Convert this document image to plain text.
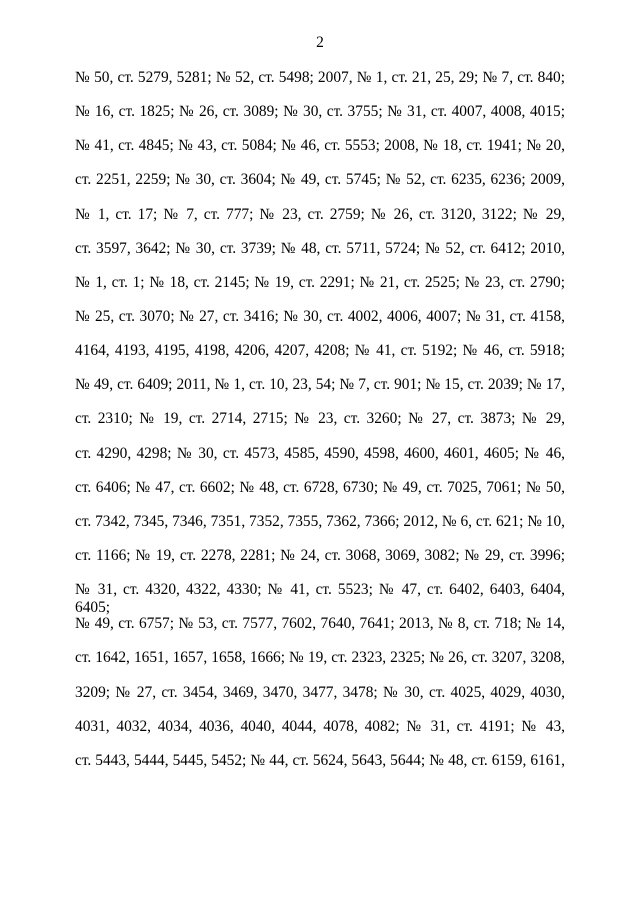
2
№ 50, ст. 5279, 5281; № 52, ст. 5498; 2007, № 1, ст. 21, 25, 29; № 7, ст. 840;
№ 16, ст. 1825; № 26, ст. 3089; № 30, ст. 3755; № 31, ст. 4007, 4008, 4015;
№ 41, ст. 4845; № 43, ст. 5084; № 46, ст. 5553; 2008, № 18, ст. 1941; № 20,
ст. 2251, 2259; № 30, ст. 3604; № 49, ст. 5745; № 52, ст. 6235, 6236; 2009,
№ 1, ст. 17; № 7, ст. 777; № 23, ст. 2759; № 26, ст. 3120, 3122; № 29,
ст. 3597, 3642; № 30, ст. 3739; № 48, ст. 5711, 5724; № 52, ст. 6412; 2010,
№ 1, ст. 1; № 18, ст. 2145; № 19, ст. 2291; № 21, ст. 2525; № 23, ст. 2790;
№ 25, ст. 3070; № 27, ст. 3416; № 30, ст. 4002, 4006, 4007; № 31, ст. 4158,
4164, 4193, 4195, 4198, 4206, 4207, 4208; № 41, ст. 5192; № 46, ст. 5918;
№ 49, ст. 6409; 2011, № 1, ст. 10, 23, 54; № 7, ст. 901; № 15, ст. 2039; № 17,
ст. 2310; № 19, ст. 2714, 2715; № 23, ст. 3260; № 27, ст. 3873; № 29,
ст. 4290, 4298; № 30, ст. 4573, 4585, 4590, 4598, 4600, 4601, 4605; № 46,
ст. 6406; № 47, ст. 6602; № 48, ст. 6728, 6730; № 49, ст. 7025, 7061; № 50,
ст. 7342, 7345, 7346, 7351, 7352, 7355, 7362, 7366; 2012, № 6, ст. 621; № 10,
ст. 1166; № 19, ст. 2278, 2281; № 24, ст. 3068, 3069, 3082; № 29, ст. 3996;
№ 31, ст. 4320, 4322, 4330; № 41, ст. 5523; № 47, ст. 6402, 6403, 6404, 6405;
№ 49, ст. 6757; № 53, ст. 7577, 7602, 7640, 7641; 2013, № 8, ст. 718; № 14,
ст. 1642, 1651, 1657, 1658, 1666; № 19, ст. 2323, 2325; № 26, ст. 3207, 3208,
3209; № 27, ст. 3454, 3469, 3470, 3477, 3478; № 30, ст. 4025, 4029, 4030,
4031, 4032, 4034, 4036, 4040, 4044, 4078, 4082; № 31, ст. 4191; № 43,
ст. 5443, 5444, 5445, 5452; № 44, ст. 5624, 5643, 5644; № 48, ст. 6159, 6161,
